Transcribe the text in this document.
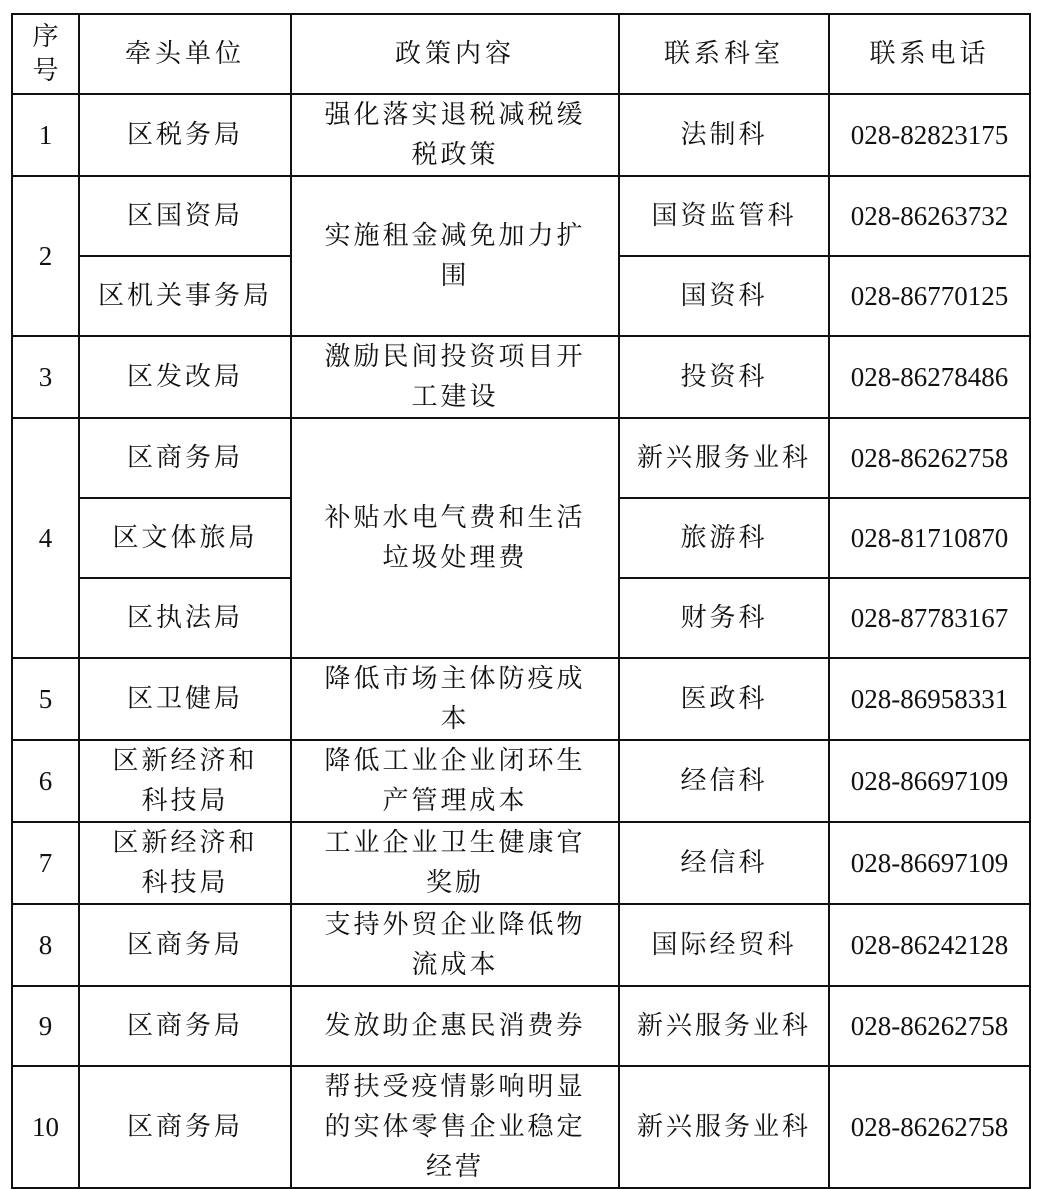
序号	牵头单位	政策内容	联系科室	联系电话
1	区税务局	强化落实退税减税缓税政策	法制科	028-82823175
2	区国资局	实施租金减免加力扩围	国资监管科	028-86263732
	区机关事务局		国资科	028-86770125
3	区发改局	激励民间投资项目开工建设	投资科	028-86278486
4	区商务局	补贴水电气费和生活垃圾处理费	新兴服务业科	028-86262758
	区文体旅局		旅游科	028-81710870
	区执法局		财务科	028-87783167
5	区卫健局	降低市场主体防疫成本	医政科	028-86958331
6	区新经济和科技局	降低工业企业闭环生产管理成本	经信科	028-86697109
7	区新经济和科技局	工业企业卫生健康官奖励	经信科	028-86697109
8	区商务局	支持外贸企业降低物流成本	国际经贸科	028-86242128
9	区商务局	发放助企惠民消费券	新兴服务业科	028-86262758
10	区商务局	帮扶受疫情影响明显的实体零售企业稳定经营	新兴服务业科	028-86262758
